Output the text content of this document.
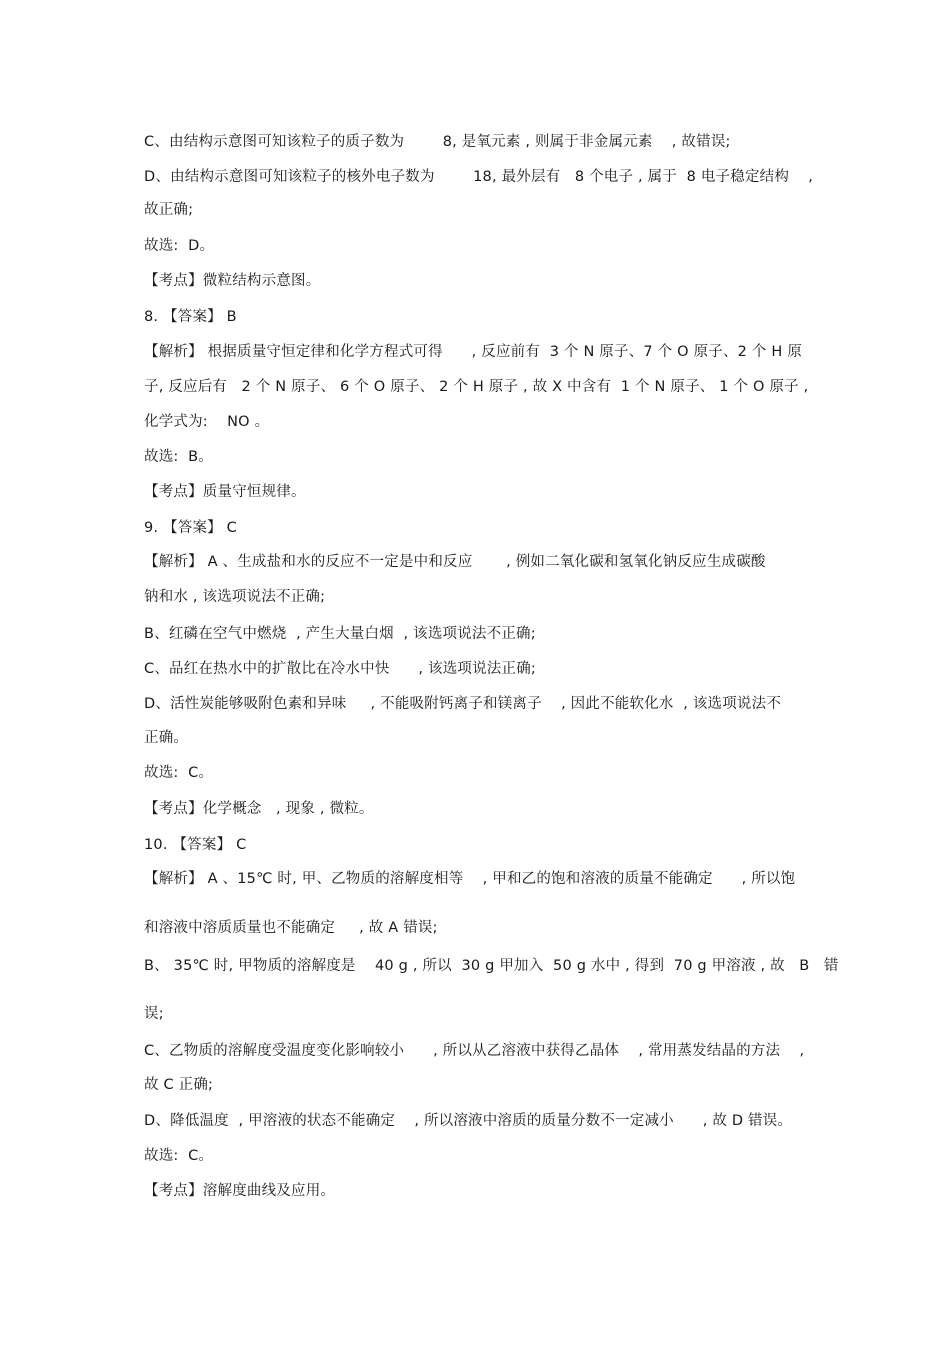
C、由结构示意图可知该粒子的质子数为        8, 是氧元素 , 则属于非金属元素    , 故错误;
D、由结构示意图可知该粒子的核外电子数为        18, 最外层有   8 个电子 , 属于  8 电子稳定结构    ,
故正确;
故选:  D。
【考点】微粒结构示意图。
8. 【答案】 B
【解析】 根据质量守恒定律和化学方程式可得      , 反应前有  3 个 N 原子、7 个 O 原子、2 个 H 原
子, 反应后有   2 个 N 原子、 6 个 O 原子、 2 个 H 原子 , 故 X 中含有  1 个 N 原子、 1 个 O 原子 ,
化学式为:    NO 。
故选:  B。
【考点】质量守恒规律。
9. 【答案】 C
【解析】 A 、生成盐和水的反应不一定是中和反应       , 例如二氧化碳和氢氧化钠反应生成碳酸
钠和水 , 该选项说法不正确;
B、红磷在空气中燃烧  , 产生大量白烟  , 该选项说法不正确;
C、品红在热水中的扩散比在冷水中快      , 该选项说法正确;
D、活性炭能够吸附色素和异味     , 不能吸附钙离子和镁离子    , 因此不能软化水  , 该选项说法不
正确。
故选:  C。
【考点】化学概念   , 现象 , 微粒。
10. 【答案】 C
【解析】 A 、15℃ 时, 甲、乙物质的溶解度相等    , 甲和乙的饱和溶液的质量不能确定      , 所以饱
和溶液中溶质质量也不能确定     , 故 A 错误;
B、 35℃ 时, 甲物质的溶解度是    40 g , 所以  30 g 甲加入  50 g 水中 , 得到  70 g 甲溶液 , 故   B   错
误;
C、乙物质的溶解度受温度变化影响较小      , 所以从乙溶液中获得乙晶体    , 常用蒸发结晶的方法    ,
故 C 正确;
D、降低温度  , 甲溶液的状态不能确定    , 所以溶液中溶质的质量分数不一定减小      , 故 D 错误。
故选:  C。
【考点】溶解度曲线及应用。
